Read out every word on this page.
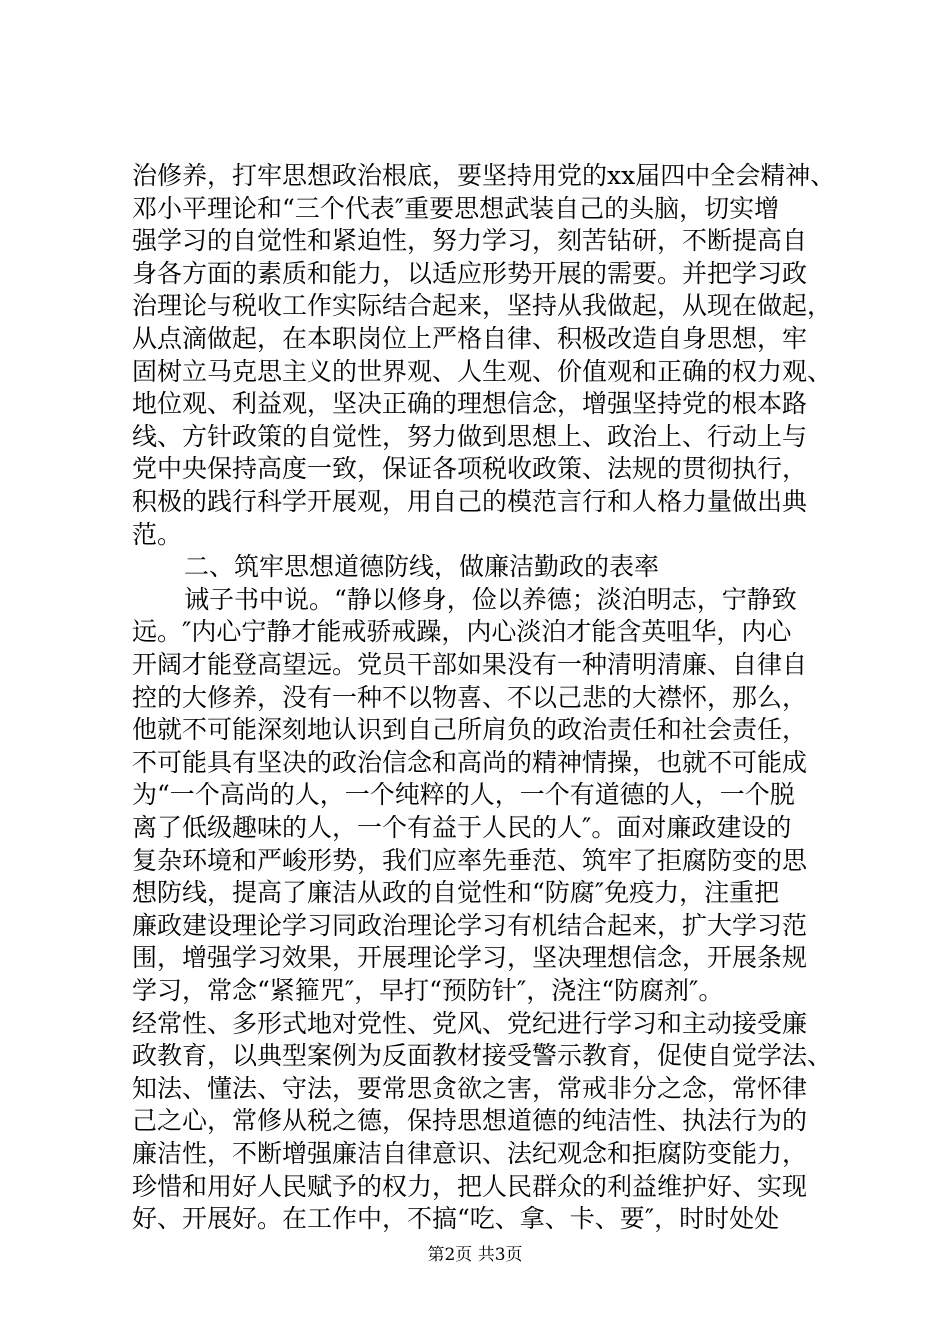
治修养，打牢思想政治根底，要坚持用党的xx届四中全会精神、
邓小平理论和“三个代表″重要思想武装自己的头脑，切实增
强学习的自觉性和紧迫性，努力学习，刻苦钻研，不断提高自
身各方面的素质和能力，以适应形势开展的需要。并把学习政
治理论与税收工作实际结合起来，坚持从我做起，从现在做起，
从点滴做起，在本职岗位上严格自律、积极改造自身思想，牢
固树立马克思主义的世界观、人生观、价值观和正确的权力观、
地位观、利益观，坚决正确的理想信念，增强坚持党的根本路
线、方针政策的自觉性，努力做到思想上、政治上、行动上与
党中央保持高度一致，保证各项税收政策、法规的贯彻执行，
积极的践行科学开展观，用自己的模范言行和人格力量做出典
范。
二、筑牢思想道德防线，做廉洁勤政的表率
诫子书中说。“静以修身，俭以养德；淡泊明志，宁静致
远。″内心宁静才能戒骄戒躁，内心淡泊才能含英咀华，内心
开阔才能登高望远。党员干部如果没有一种清明清廉、自律自
控的大修养，没有一种不以物喜、不以己悲的大襟怀，那么，
他就不可能深刻地认识到自己所肩负的政治责任和社会责任，
不可能具有坚决的政治信念和高尚的精神情操，也就不可能成
为“一个高尚的人，一个纯粹的人，一个有道德的人，一个脱
离了低级趣味的人，一个有益于人民的人″。面对廉政建设的
复杂环境和严峻形势，我们应率先垂范、筑牢了拒腐防变的思
想防线，提高了廉洁从政的自觉性和“防腐″免疫力，注重把
廉政建设理论学习同政治理论学习有机结合起来，扩大学习范
围，增强学习效果，开展理论学习，坚决理想信念，开展条规
学习，常念“紧箍咒″，早打“预防针″，浇注“防腐剂″。
经常性、多形式地对党性、党风、党纪进行学习和主动接受廉
政教育，以典型案例为反面教材接受警示教育，促使自觉学法、
知法、懂法、守法，要常思贪欲之害，常戒非分之念，常怀律
己之心，常修从税之德，保持思想道德的纯洁性、执法行为的
廉洁性，不断增强廉洁自律意识、法纪观念和拒腐防变能力，
珍惜和用好人民赋予的权力，把人民群众的利益维护好、实现
好、开展好。在工作中，不搞“吃、拿、卡、要″，时时处处
第2页 共3页
